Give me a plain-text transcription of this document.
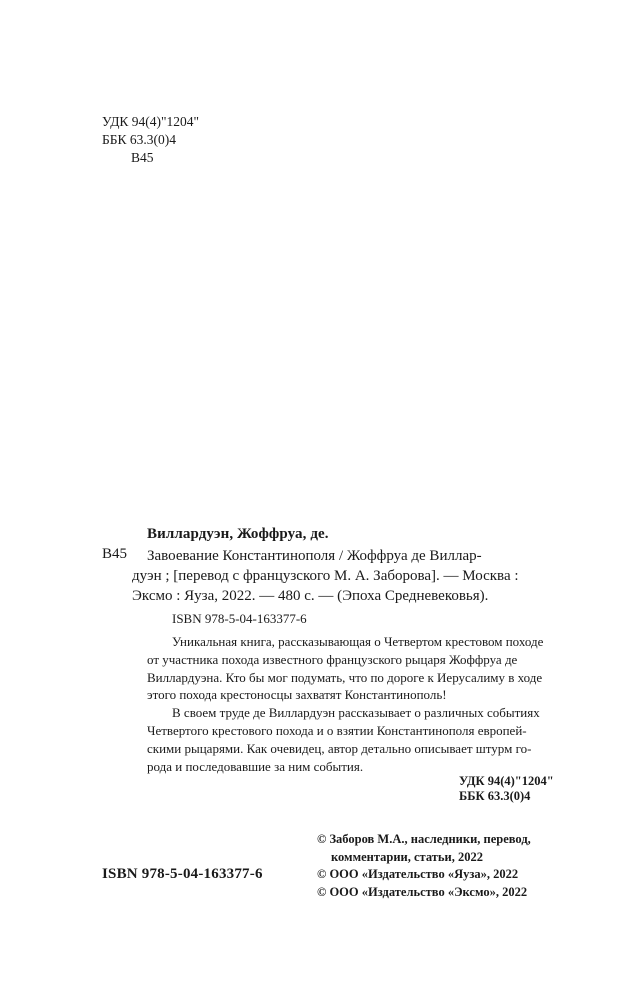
УДК 94(4)"1204"
ББК 63.3(0)4
В45
Виллардуэн, Жоффруа, де.
В45 Завоевание Константинополя / Жоффруа де Виллар-
дуэн ; [перевод с французского М. А. Заборова]. — Москва :
Эксмо : Яуза, 2022. — 480 с. — (Эпоха Средневековья).
ISBN 978-5-04-163377-6
Уникальная книга, рассказывающая о Четвертом крестовом походе
от участника похода известного французского рыцаря Жоффруа де
Виллардуэна. Кто бы мог подумать, что по дороге к Иерусалиму в ходе
этого похода крестоносцы захватят Константинополь!
В своем труде де Виллардуэн рассказывает о различных событиях
Четвертого крестового похода и о взятии Константинополя европей-
скими рыцарями. Как очевидец, автор детально описывает штурм го-
рода и последовавшие за ним события.
УДК 94(4)"1204"
ББК 63.3(0)4
© Заборов М.А., наследники, перевод,
комментарии, статьи, 2022
© ООО «Издательство «Яуза», 2022
© ООО «Издательство «Эксмо», 2022
ISBN 978-5-04-163377-6
